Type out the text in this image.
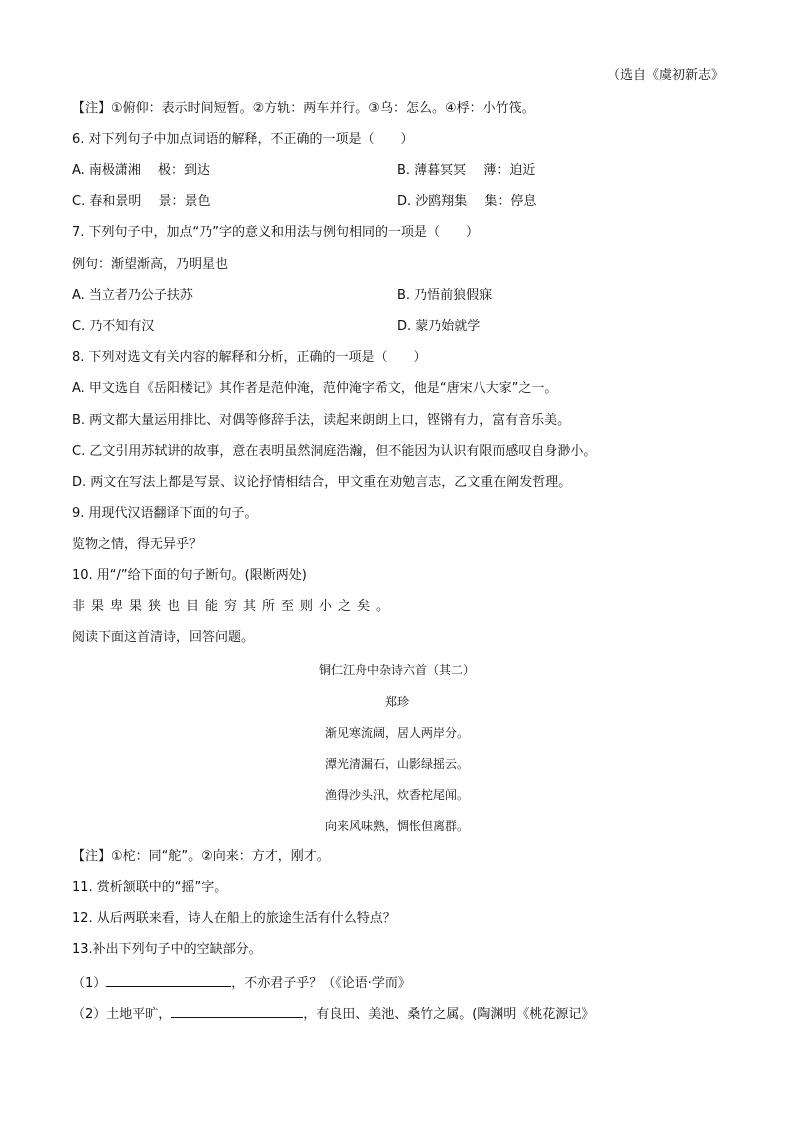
（选自《虞初新志》
【注】①俯仰：表示时间短暂。②方轨：两车并行。③乌：怎么。④桴：小竹筏。
6. 对下列句子中加点词语的解释，不正确的一项是（　　）
A. 南极潇湘　 极：到达	B. 薄暮冥冥　 薄：迫近
C. 春和景明　 景：景色	D. 沙鸥翔集　 集：停息
7. 下列句子中，加点“乃”字的意义和用法与例句相同的一项是（　　）
例句：渐望渐高，乃明星也
A. 当立者乃公子扶苏	B. 乃悟前狼假寐
C. 乃不知有汉	D. 蒙乃始就学
8. 下列对选文有关内容的解释和分析，正确的一项是（　　）
A. 甲文选自《岳阳楼记》其作者是范仲淹，范仲淹字希文，他是“唐宋八大家”之一。
B. 两文都大量运用排比、对偶等修辞手法，读起来朗朗上口，铿锵有力，富有音乐美。
C. 乙文引用苏轼讲的故事，意在表明虽然洞庭浩瀚，但不能因为认识有限而感叹自身渺小。
D. 两文在写法上都是写景、议论抒情相结合，甲文重在劝勉言志，乙文重在阐发哲理。
9. 用现代汉语翻译下面的句子。
览物之情，得无异乎？
10. 用“/”给下面的句子断句。(限断两处)
非果卑果狭也目能穷其所至则小之矣。
阅读下面这首清诗，回答问题。
铜仁江舟中杂诗六首（其二）
郑珍
渐见寒流阔，居人两岸分。
潭光清漏石，山影绿摇云。
渔得沙头汛，炊香柁尾闻。
向来风味熟，惆怅但离群。
【注】①柁：同“舵”。②向来：方才，刚才。
11. 赏析颔联中的“摇”字。
12. 从后两联来看，诗人在船上的旅途生活有什么特点？
13.补出下列句子中的空缺部分。
（1）	，不亦君子乎？（《论语·学而》
（2）土地平旷，	，有良田、美池、桑竹之属。(陶渊明《桃花源记》
